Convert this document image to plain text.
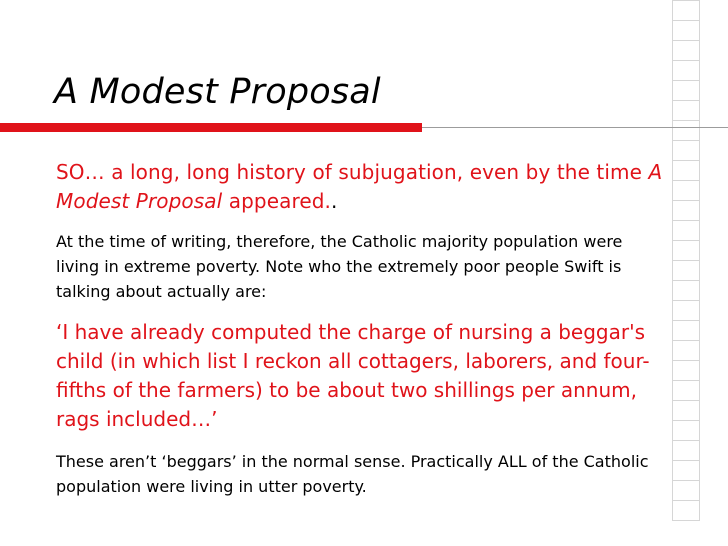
A Modest Proposal

SO… a long, long history of subjugation, even by the time A Modest Proposal appeared..

At the time of writing, therefore, the Catholic majority population were living in extreme poverty. Note who the extremely poor people Swift is talking about actually are:

‘I have already computed the charge of nursing a beggar's child (in which list I reckon all cottagers, laborers, and four-fifths of the farmers) to be about two shillings per annum, rags included…’

These aren’t ‘beggars’ in the normal sense. Practically ALL of the Catholic population were living in utter poverty.
